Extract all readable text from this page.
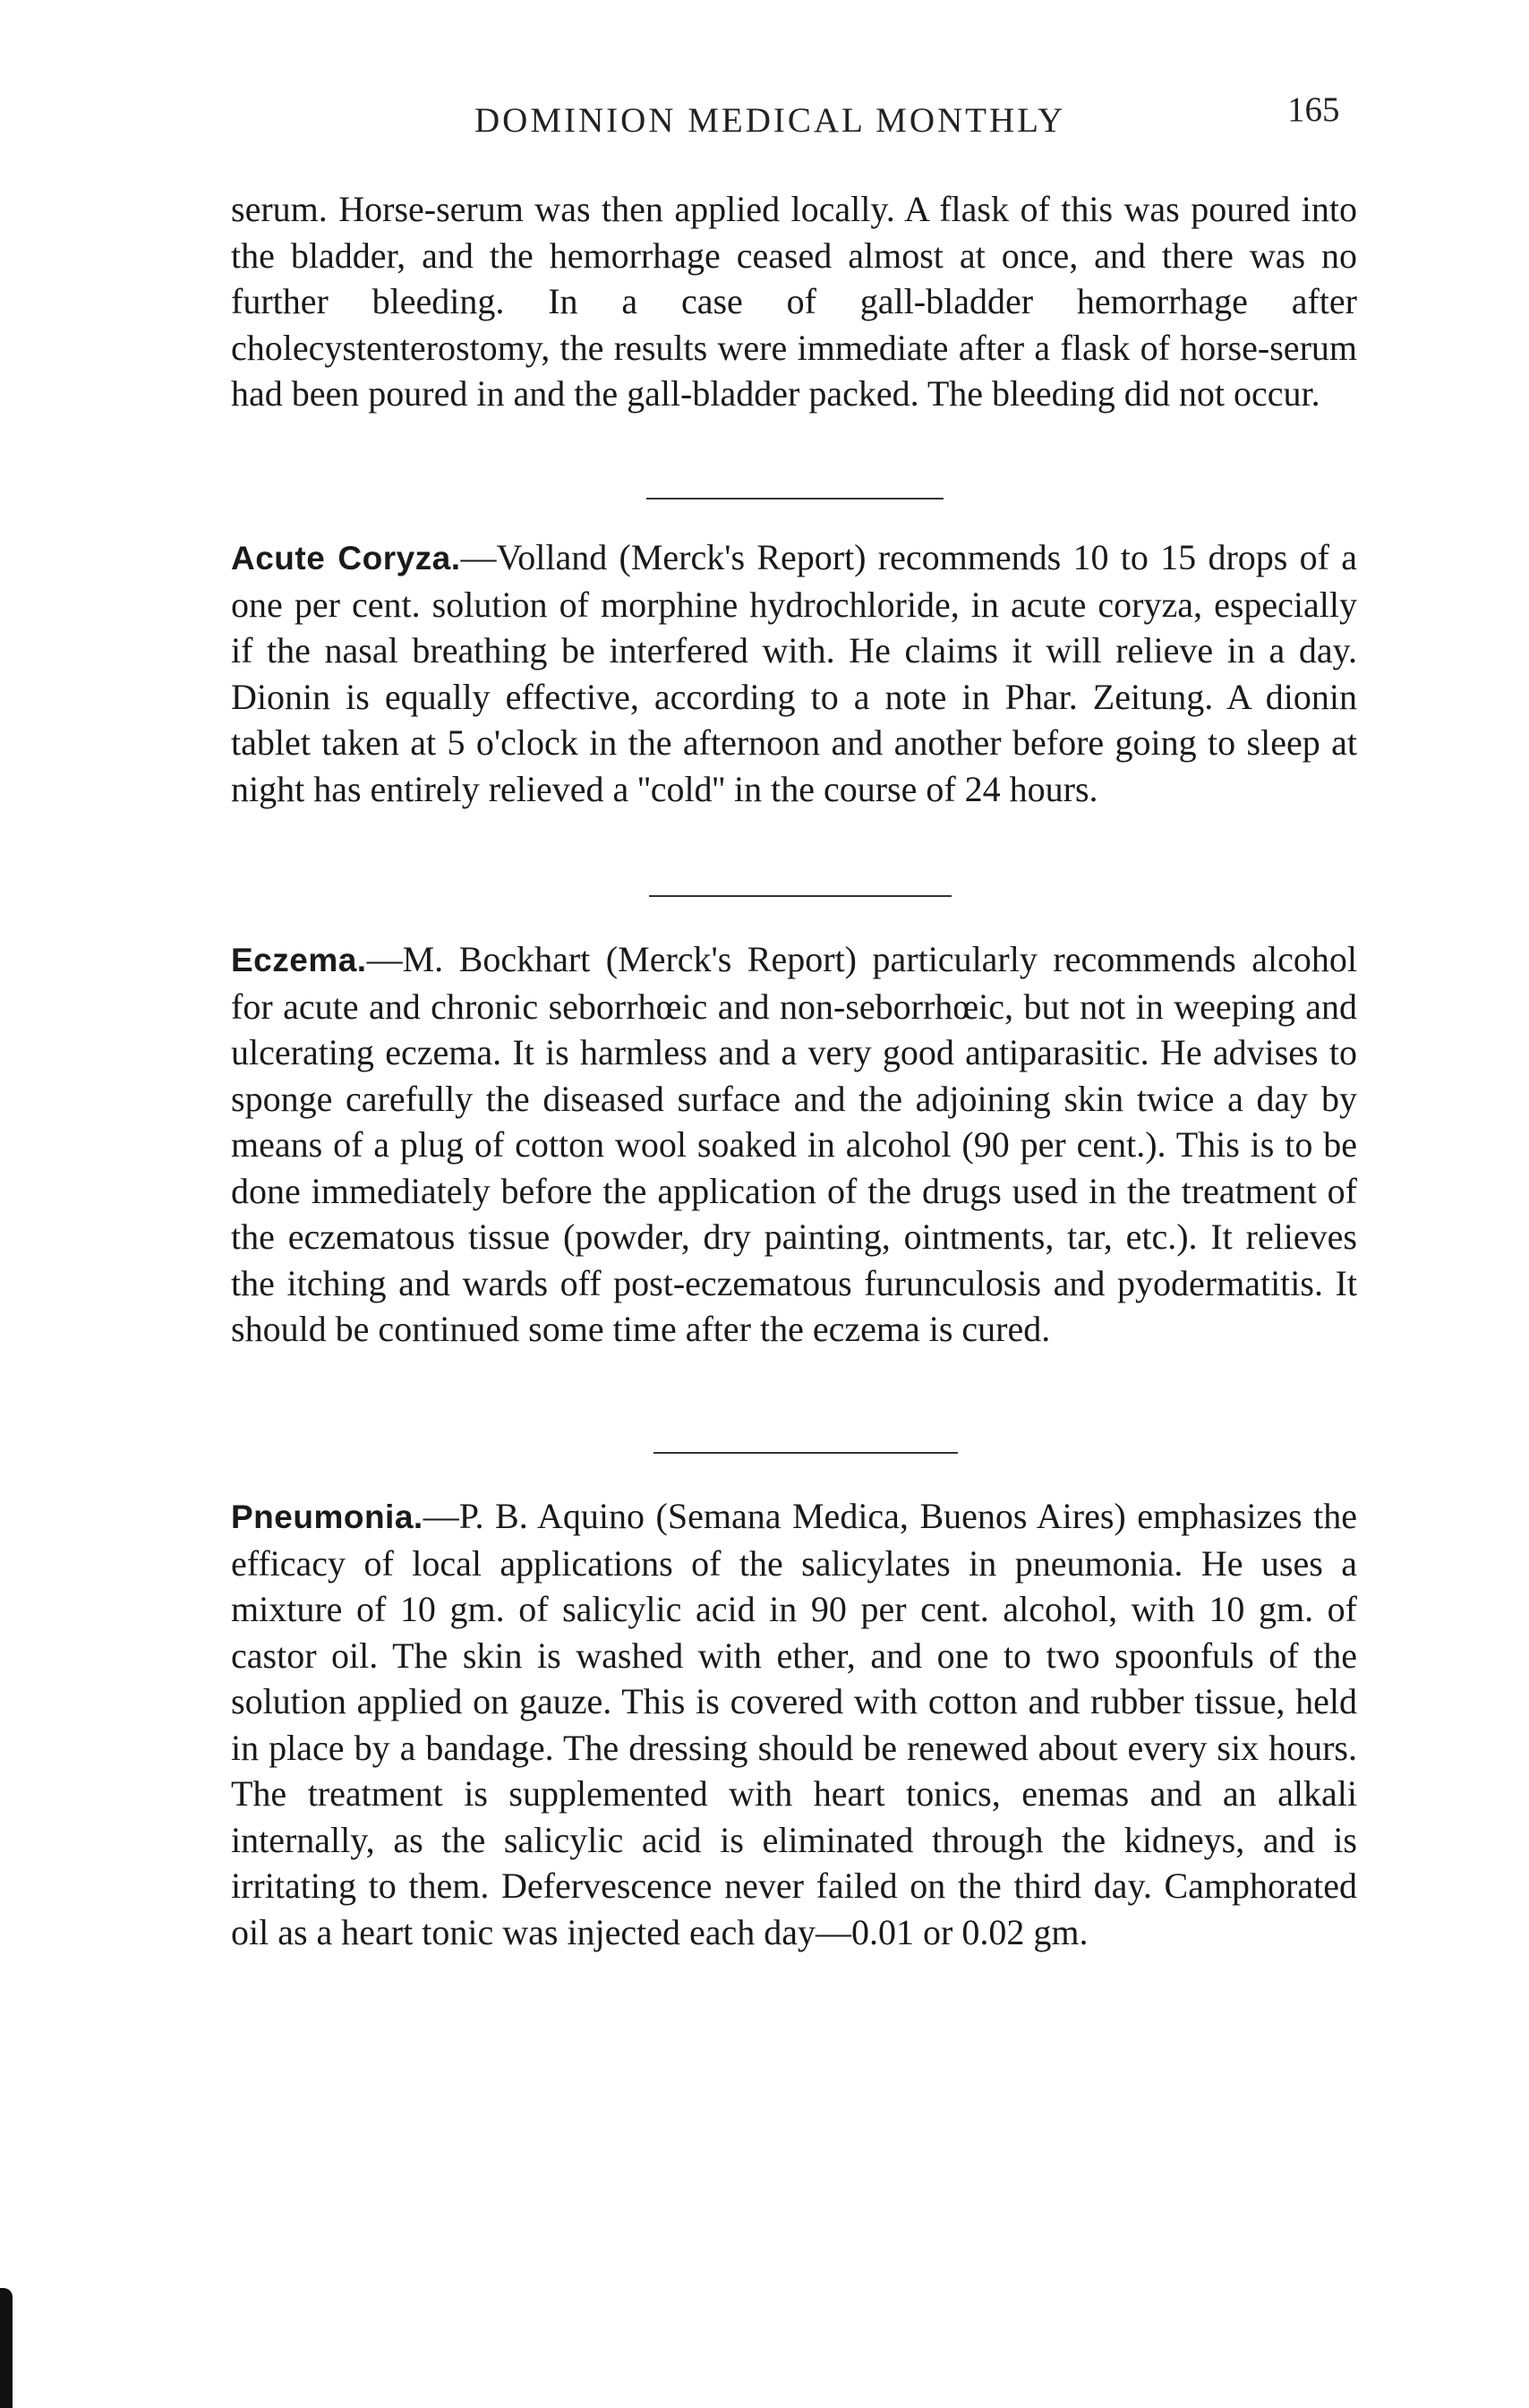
DOMINION MEDICAL MONTHLY	165

serum. Horse-serum was then applied locally. A flask of this was poured into the bladder, and the hemorrhage ceased almost at once, and there was no further bleeding. In a case of gall-bladder hemorrhage after cholecystenterostomy, the results were immediate after a flask of horse-serum had been poured in and the gall-bladder packed. The bleeding did not occur.

Acute Coryza.—Volland (Merck's Report) recommends 10 to 15 drops of a one per cent. solution of morphine hydrochloride, in acute coryza, especially if the nasal breathing be interfered with. He claims it will relieve in a day. Dionin is equally effective, according to a note in Phar. Zeitung. A dionin tablet taken at 5 o'clock in the afternoon and another before going to sleep at night has entirely relieved a ''cold'' in the course of 24 hours.

Eczema.—M. Bockhart (Merck's Report) particularly recommends alcohol for acute and chronic seborrhœic and non-seborrhœic, but not in weeping and ulcerating eczema. It is harmless and a very good antiparasitic. He advises to sponge carefully the diseased surface and the adjoining skin twice a day by means of a plug of cotton wool soaked in alcohol (90 per cent.). This is to be done immediately before the application of the drugs used in the treatment of the eczematous tissue (powder, dry painting, ointments, tar, etc.). It relieves the itching and wards off post-eczematous furunculosis and pyodermatitis. It should be continued some time after the eczema is cured.

Pneumonia.—P. B. Aquino (Semana Medica, Buenos Aires) emphasizes the efficacy of local applications of the salicylates in pneumonia. He uses a mixture of 10 gm. of salicylic acid in 90 per cent. alcohol, with 10 gm. of castor oil. The skin is washed with ether, and one to two spoonfuls of the solution applied on gauze. This is covered with cotton and rubber tissue, held in place by a bandage. The dressing should be renewed about every six hours. The treatment is supplemented with heart tonics, enemas and an alkali internally, as the salicylic acid is eliminated through the kidneys, and is irritating to them. Defervescence never failed on the third day. Camphorated oil as a heart tonic was injected each day—0.01 or 0.02 gm.
